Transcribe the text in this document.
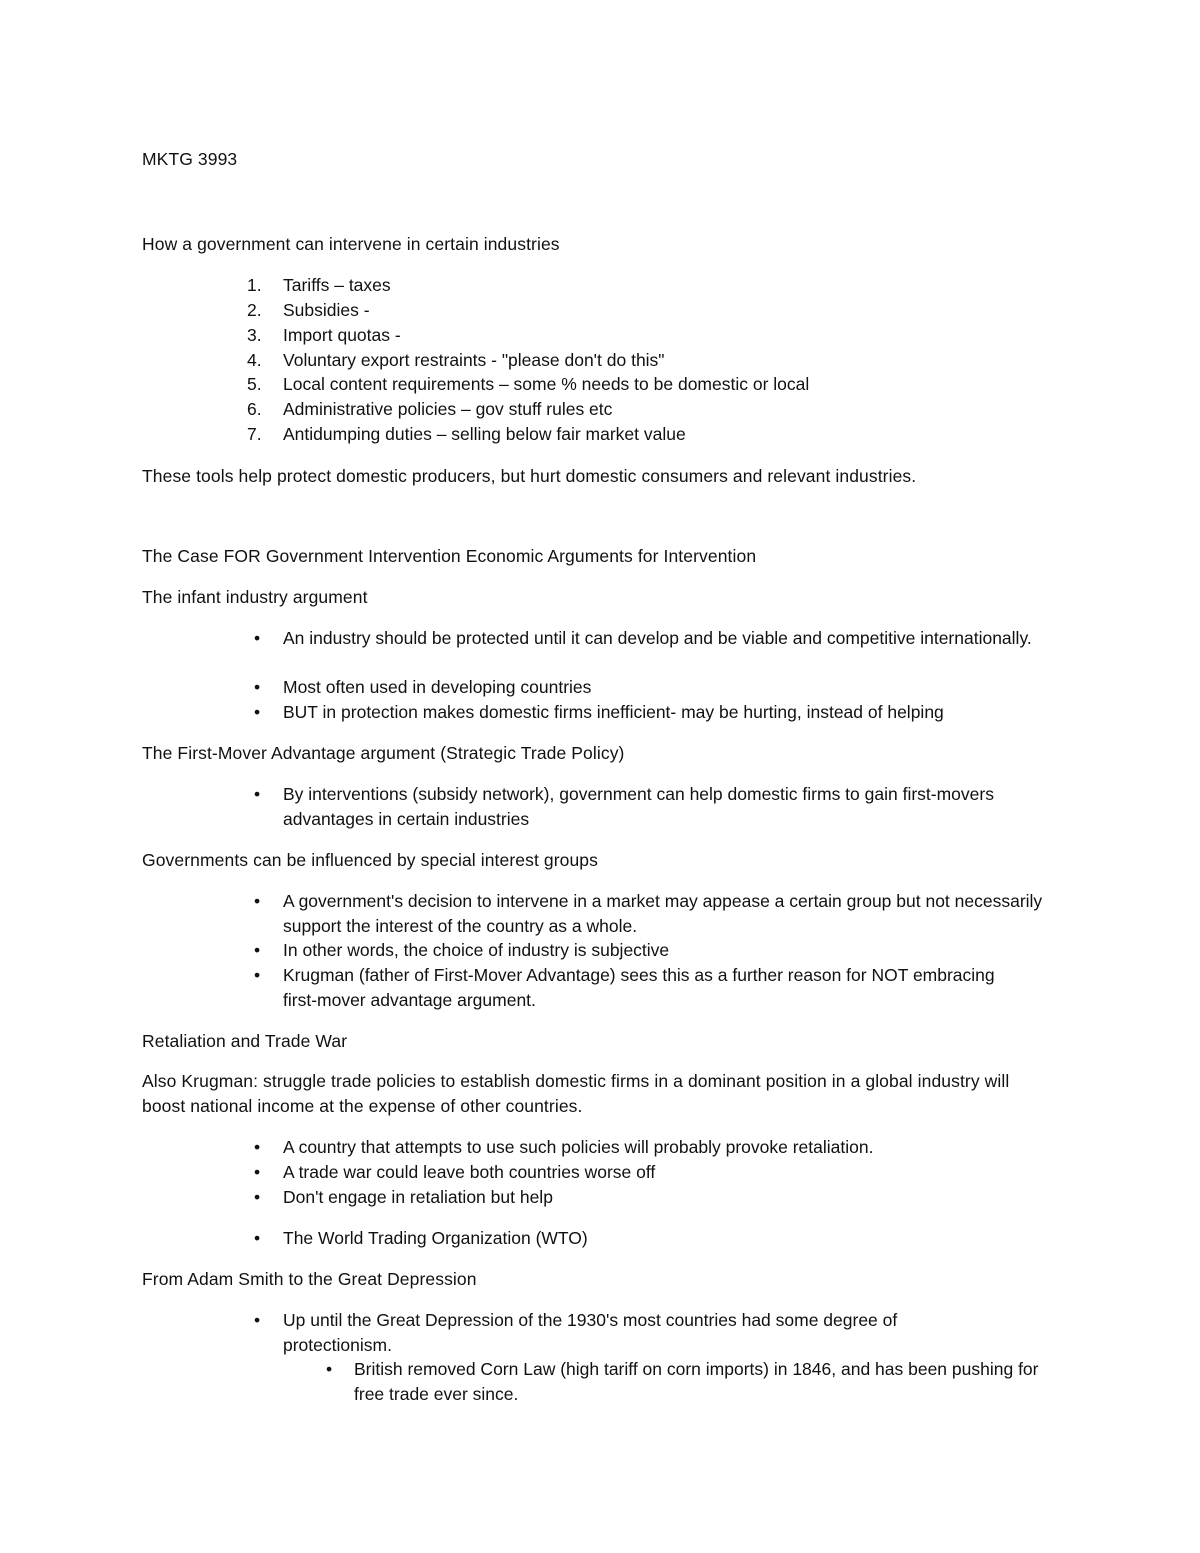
MKTG 3993
How a government can intervene in certain industries
1.	Tariffs – taxes
2.	Subsidies -
3.	Import quotas -
4.	Voluntary export restraints - "please don't do this"
5.	Local content requirements – some % needs to be domestic or local
6.	Administrative policies – gov stuff rules etc
7.	Antidumping duties – selling below fair market value
These tools help protect domestic producers, but hurt domestic consumers and relevant industries.
The Case FOR Government Intervention Economic Arguments for Intervention
The infant industry argument
• An industry should be protected until it can develop and be viable and competitive internationally.
• Most often used in developing countries
• BUT in protection makes domestic firms inefficient- may be hurting, instead of helping
The First-Mover Advantage argument (Strategic Trade Policy)
• By interventions (subsidy network), government can help domestic firms to gain first-movers advantages in certain industries
Governments can be influenced by special interest groups
• A government's decision to intervene in a market may appease a certain group but not necessarily support the interest of the country as a whole.
• In other words, the choice of industry is subjective
• Krugman (father of First-Mover Advantage) sees this as a further reason for NOT embracing first-mover advantage argument.
Retaliation and Trade War
Also Krugman: struggle trade policies to establish domestic firms in a dominant position in a global industry will boost national income at the expense of other countries.
• A country that attempts to use such policies will probably provoke retaliation.
• A trade war could leave both countries worse off
• Don't engage in retaliation but help
• The World Trading Organization (WTO)
From Adam Smith to the Great Depression
• Up until the Great Depression of the 1930's most countries had some degree of protectionism.
• British removed Corn Law (high tariff on corn imports) in 1846, and has been pushing for free trade ever since.
